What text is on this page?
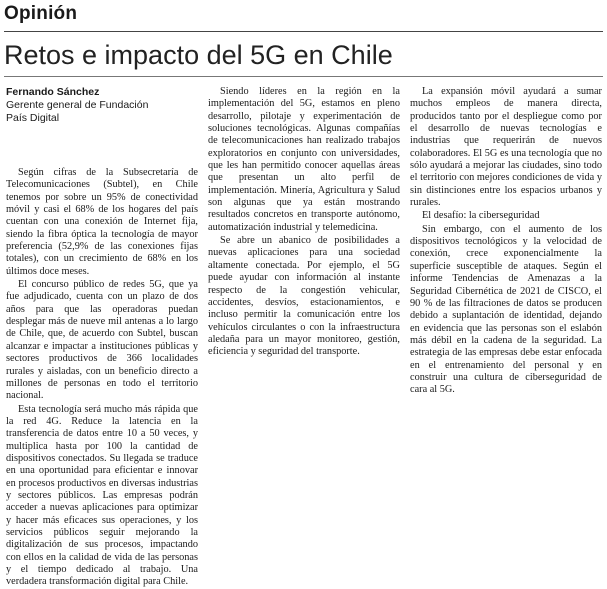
Opinión
Retos e impacto del 5G en Chile
Fernando Sánchez
Gerente general de Fundación
País Digital

Según cifras de la Subsecretaría de Telecomunicaciones (Subtel), en Chile tenemos por sobre un 95% de conectividad móvil y casi el 68% de los hogares del país cuentan con una conexión de Internet fija, siendo la fibra óptica la tecnología de mayor preferencia (52,9% de las conexiones fijas totales), con un crecimiento de 68% en los últimos doce meses.

El concurso público de redes 5G, que ya fue adjudicado, cuenta con un plazo de dos años para que las operadoras puedan desplegar más de nueve mil antenas a lo largo de Chile, que, de acuerdo con Subtel, buscan alcanzar e impactar a instituciones públicas y sectores productivos de 366 localidades rurales y aisladas, con un beneficio directo a millones de personas en todo el territorio nacional.

Esta tecnología será mucho más rápida que la red 4G. Reduce la latencia en la transferencia de datos entre 10 a 50 veces, y multiplica hasta por 100 la cantidad de dispositivos conectados. Su llegada se traduce en una oportunidad para eficientar e innovar en procesos productivos en diversas industrias y sectores públicos. Las empresas podrán acceder a nuevas aplicaciones para optimizar y hacer más eficaces sus operaciones, y los servicios públicos seguir mejorando la digitalización de sus procesos, impactando con ellos en la calidad de vida de las personas y el tiempo dedicado al trabajo. Una verdadera transformación digital para Chile.

Siendo líderes en la región en la implementación del 5G, estamos en pleno desarrollo, pilotaje y experimentación de soluciones tecnológicas. Algunas compañías de telecomunicaciones han realizado trabajos exploratorios en conjunto con universidades, que les han permitido conocer aquellas áreas que presentan un alto perfil de implementación. Minería, Agricultura y Salud son algunas que ya están mostrando resultados concretos en transporte autónomo, automatización industrial y telemedicina.

Se abre un abanico de posibilidades a nuevas aplicaciones para una sociedad altamente conectada. Por ejemplo, el 5G puede ayudar con información al instante respecto de la congestión vehicular, accidentes, desvíos, estacionamientos, e incluso permitir la comunicación entre los vehículos circulantes o con la infraestructura aledaña para un mayor monitoreo, gestión, eficiencia y seguridad del transporte.

La expansión móvil ayudará a sumar muchos empleos de manera directa, producidos tanto por el despliegue como por el desarrollo de nuevas tecnologías e industrias que requerirán de nuevos colaboradores. El 5G es una tecnología que no sólo ayudará a mejorar las ciudades, sino todo el territorio con mejores condiciones de vida y sin distinciones entre los espacios urbanos y rurales.

El desafío: la ciberseguridad

Sin embargo, con el aumento de los dispositivos tecnológicos y la velocidad de conexión, crece exponencialmente la superficie susceptible de ataques. Según el informe Tendencias de Amenazas a la Seguridad Cibernética de 2021 de CISCO, el 90 % de las filtraciones de datos se producen debido a suplantación de identidad, dejando en evidencia que las personas son el eslabón más débil en la cadena de la seguridad. La estrategia de las empresas debe estar enfocada en el entrenamiento del personal y en construir una cultura de ciberseguridad de cara al 5G.
